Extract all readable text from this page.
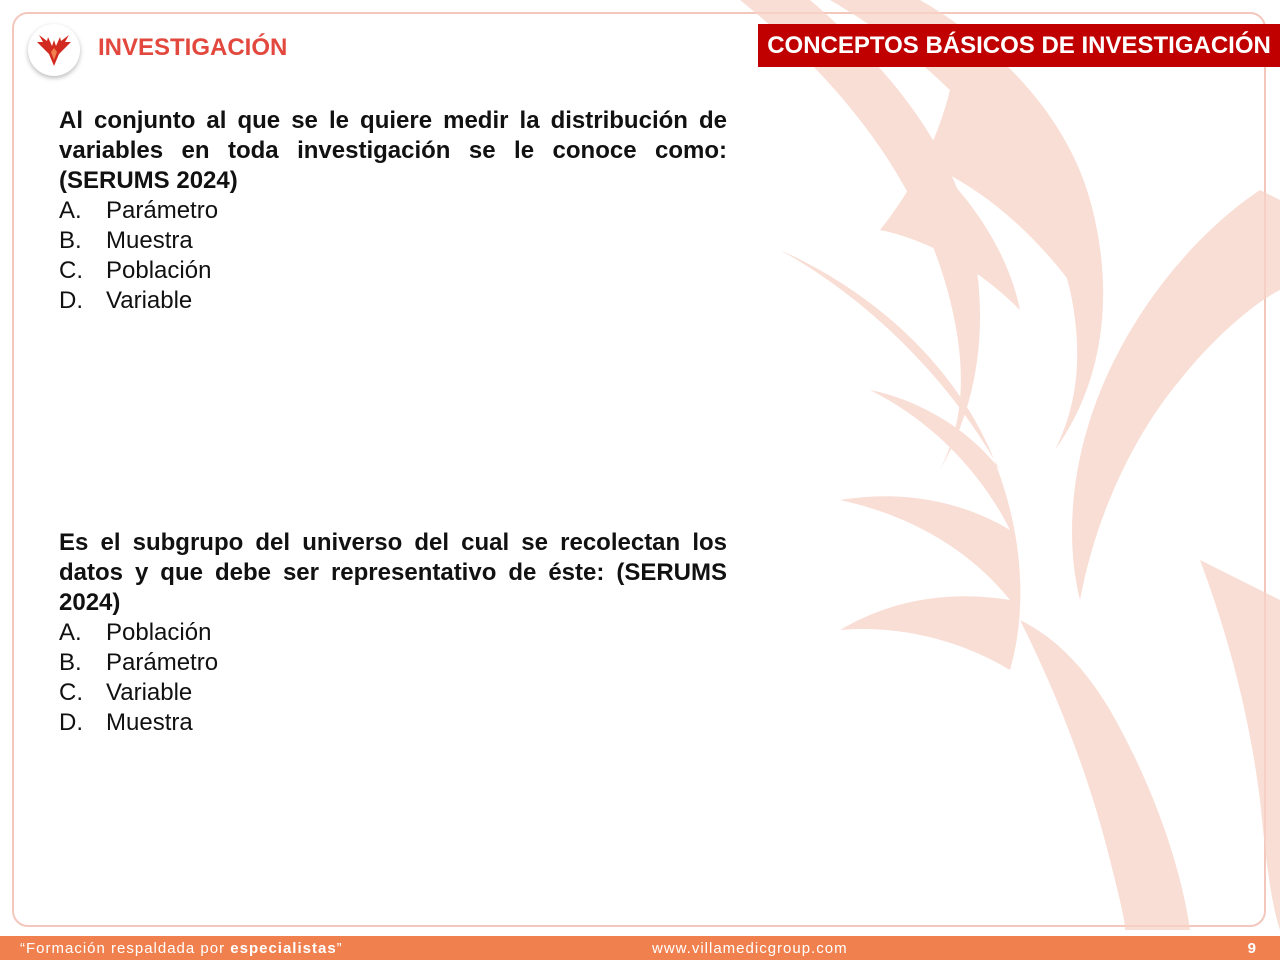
INVESTIGACIÓN	CONCEPTOS BÁSICOS DE INVESTIGACIÓN

Al conjunto al que se le quiere medir la distribución de variables en toda investigación se le conoce como: (SERUMS 2024)

A.	Parámetro
B.	Muestra
C. Población
D. Variable

Es el subgrupo del universo del cual se recolectan los datos y que debe ser representativo de éste: (SERUMS 2024)

A.	Población
B.	Parámetro
C. Variable
D. Muestra
“Formación respaldada por especialistas”	www.villamedicgroup.com	9
